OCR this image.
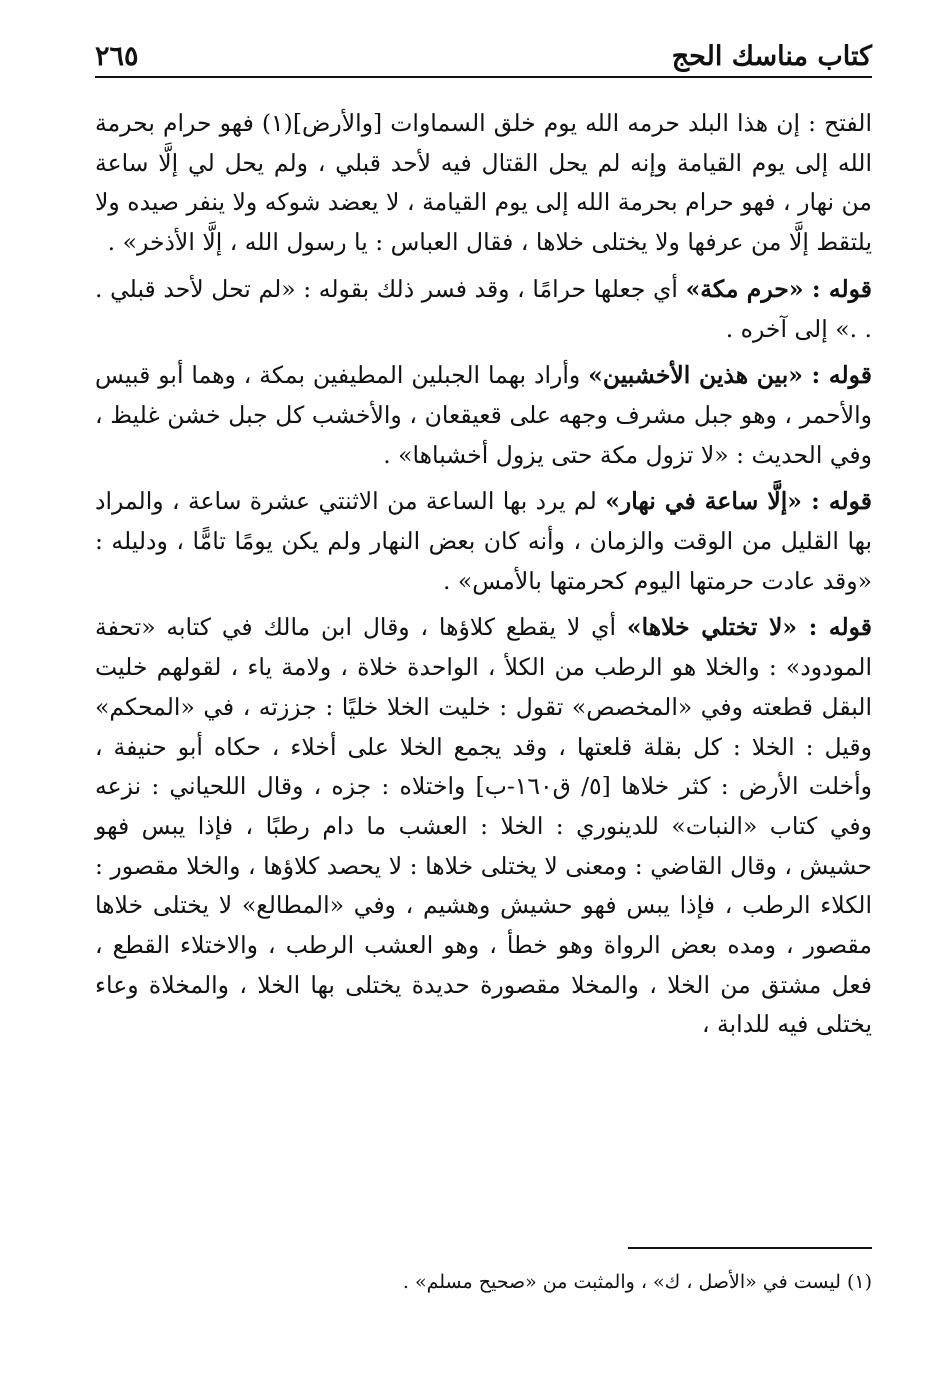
كتاب مناسك الحج
٢٦٥

الفتح : إن هذا البلد حرمه الله يوم خلق السماوات [والأرض](١) فهو حرام بحرمة الله إلى يوم القيامة وإنه لم يحل القتال فيه لأحد قبلي ، ولم يحل لي إلَّا ساعة من نهار ، فهو حرام بحرمة الله إلى يوم القيامة ، لا يعضد شوكه ولا ينفر صيده ولا يلتقط إلَّا من عرفها ولا يختلى خلاها ، فقال العباس : يا رسول الله ، إلَّا الأذخر» .

قوله : «حرم مكة» أي جعلها حرامًا ، وقد فسر ذلك بقوله : «لم تحل لأحد قبلي . . .» إلى آخره .

قوله : «بين هذين الأخشبين» وأراد بهما الجبلين المطيفين بمكة ، وهما أبو قبيس والأحمر ، وهو جبل مشرف وجهه على قعيقعان ، والأخشب كل جبل خشن غليظ ، وفي الحديث : «لا تزول مكة حتى يزول أخشباها» .

قوله : «إلَّا ساعة في نهار» لم يرد بها الساعة من الاثنتي عشرة ساعة ، والمراد بها القليل من الوقت والزمان ، وأنه كان بعض النهار ولم يكن يومًا تامًّا ، ودليله : «وقد عادت حرمتها اليوم كحرمتها بالأمس» .

قوله : «لا تختلي خلاها» أي لا يقطع كلاؤها ، وقال ابن مالك في كتابه «تحفة المودود» : والخلا هو الرطب من الكلأ ، الواحدة خلاة ، ولامة ياء ، لقولهم خليت البقل قطعته وفي «المخصص» تقول : خليت الخلا خليًا : جززته ، في «المحكم» وقيل : الخلا : كل بقلة قلعتها ، وقد يجمع الخلا على أخلاء ، حكاه أبو حنيفة ، وأخلت الأرض : كثر خلاها [٥/ ق١٦٠-ب] واختلاه : جزه ، وقال اللحياني : نزعه وفي كتاب «النبات» للدينوري : الخلا : العشب ما دام رطبًا ، فإذا يبس فهو حشيش ، وقال القاضي : ومعنى لا يختلى خلاها : لا يحصد كلاؤها ، والخلا مقصور : الكلاء الرطب ، فإذا يبس فهو حشيش وهشيم ، وفي «المطالع» لا يختلى خلاها مقصور ، ومده بعض الرواة وهو خطأ ، وهو العشب الرطب ، والاختلاء القطع ، فعل مشتق من الخلا ، والمخلا مقصورة حديدة يختلى بها الخلا ، والمخلاة وعاء يختلى فيه للدابة ،

(١) ليست في «الأصل ، ك» ، والمثبت من «صحيح مسلم» .
